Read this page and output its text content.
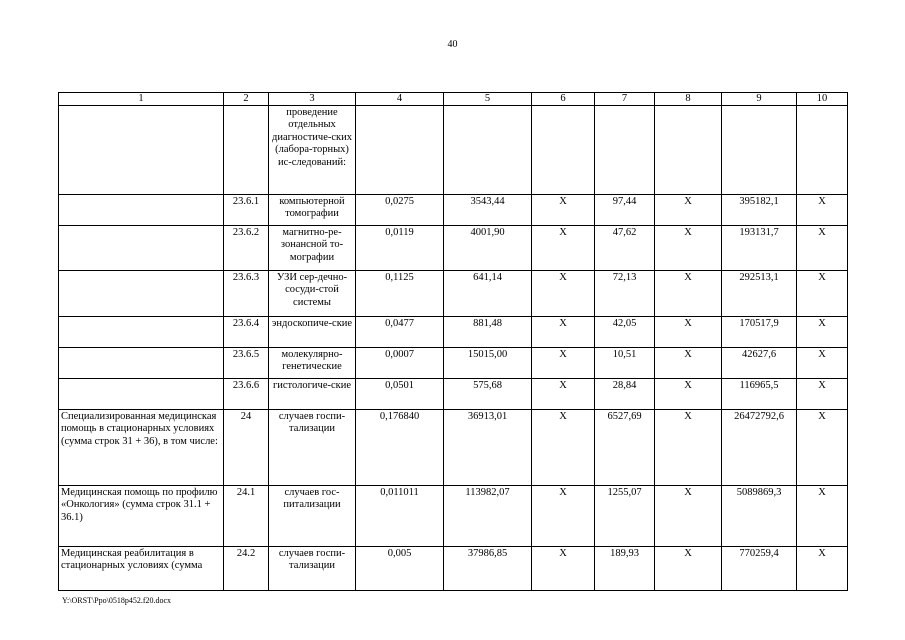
40
1	2	3	4	5	6	7	8	9	10
		проведение отдельных диагностиче-ских (лабора-торных) ис-следований:							
	23.6.1	компьютерной томографии	0,0275	3543,44	X	97,44	X	395182,1	X
	23.6.2	магнитно-ре-зонансной то-мографии	0,0119	4001,90	X	47,62	X	193131,7	X
	23.6.3	УЗИ сер-дечно-сосуди-стой системы	0,1125	641,14	X	72,13	X	292513,1	X
	23.6.4	эндоскопиче-ские	0,0477	881,48	X	42,05	X	170517,9	X
	23.6.5	молекулярно-генетические	0,0007	15015,00	X	10,51	X	42627,6	X
	23.6.6	гистологиче-ские	0,0501	575,68	X	28,84	X	116965,5	X
Специализированная медицинская помощь в стационарных условиях (сумма строк 31 + 36), в том числе:	24	случаев госпи-тализации	0,176840	36913,01	X	6527,69	X	26472792,6	X
Медицинская помощь по профилю «Онкология» (сумма строк 31.1 + 36.1)	24.1	случаев гос-питализации	0,011011	113982,07	X	1255,07	X	5089869,3	X
Медицинская реабилитация в стационарных условиях (сумма	24.2	случаев госпи-тализации	0,005	37986,85	X	189,93	X	770259,4	X
Y:\ORST\Ppo\0518p452.f20.docx
